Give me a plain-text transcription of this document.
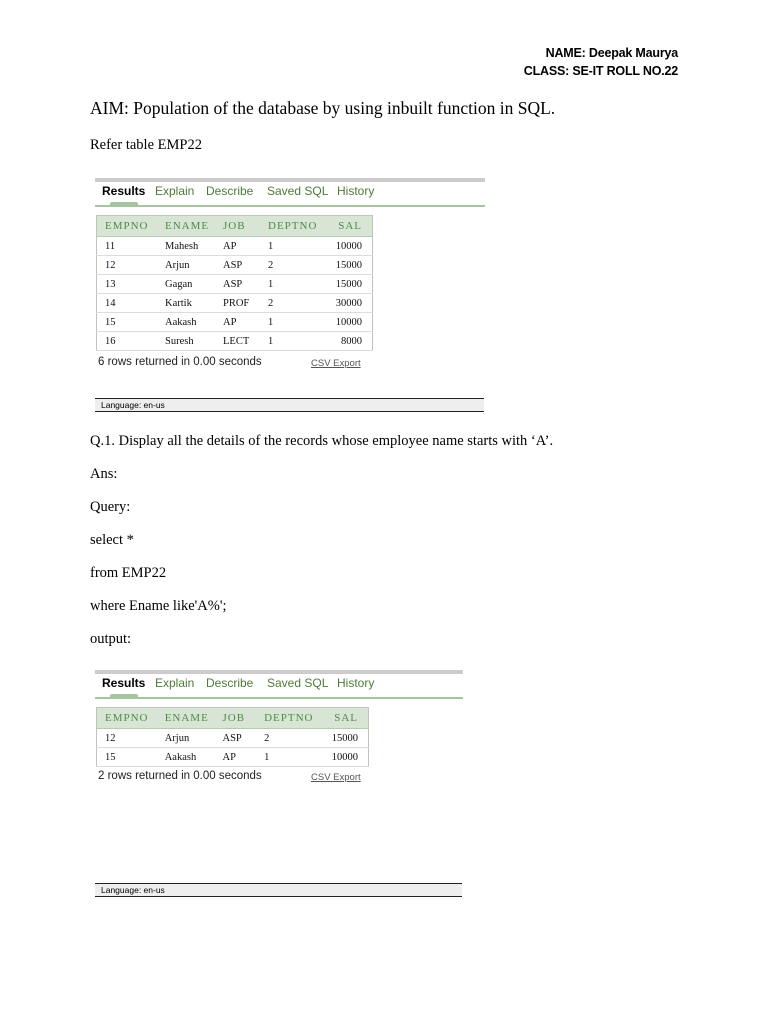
NAME: Deepak Maurya
CLASS: SE-IT ROLL NO.22
AIM: Population of the database by using inbuilt function in SQL.
Refer table EMP22
Results Explain Describe Saved SQL History
EMPNO	ENAME	JOB	DEPTNO	SAL
11	Mahesh	AP	1	10000
12	Arjun	ASP	2	15000
13	Gagan	ASP	1	15000
14	Kartik	PROF	2	30000
15	Aakash	AP	1	10000
16	Suresh	LECT	1	8000
6 rows returned in 0.00 seconds	CSV Export
Language: en-us
Q.1. Display all the details of the records whose employee name starts with ‘A’.
Ans:
Query:
select *
from EMP22
where Ename like'A%';
output:
Results Explain Describe Saved SQL History
EMPNO	ENAME	JOB	DEPTNO	SAL
12	Arjun	ASP	2	15000
15	Aakash	AP	1	10000
2 rows returned in 0.00 seconds	CSV Export
Language: en-us
